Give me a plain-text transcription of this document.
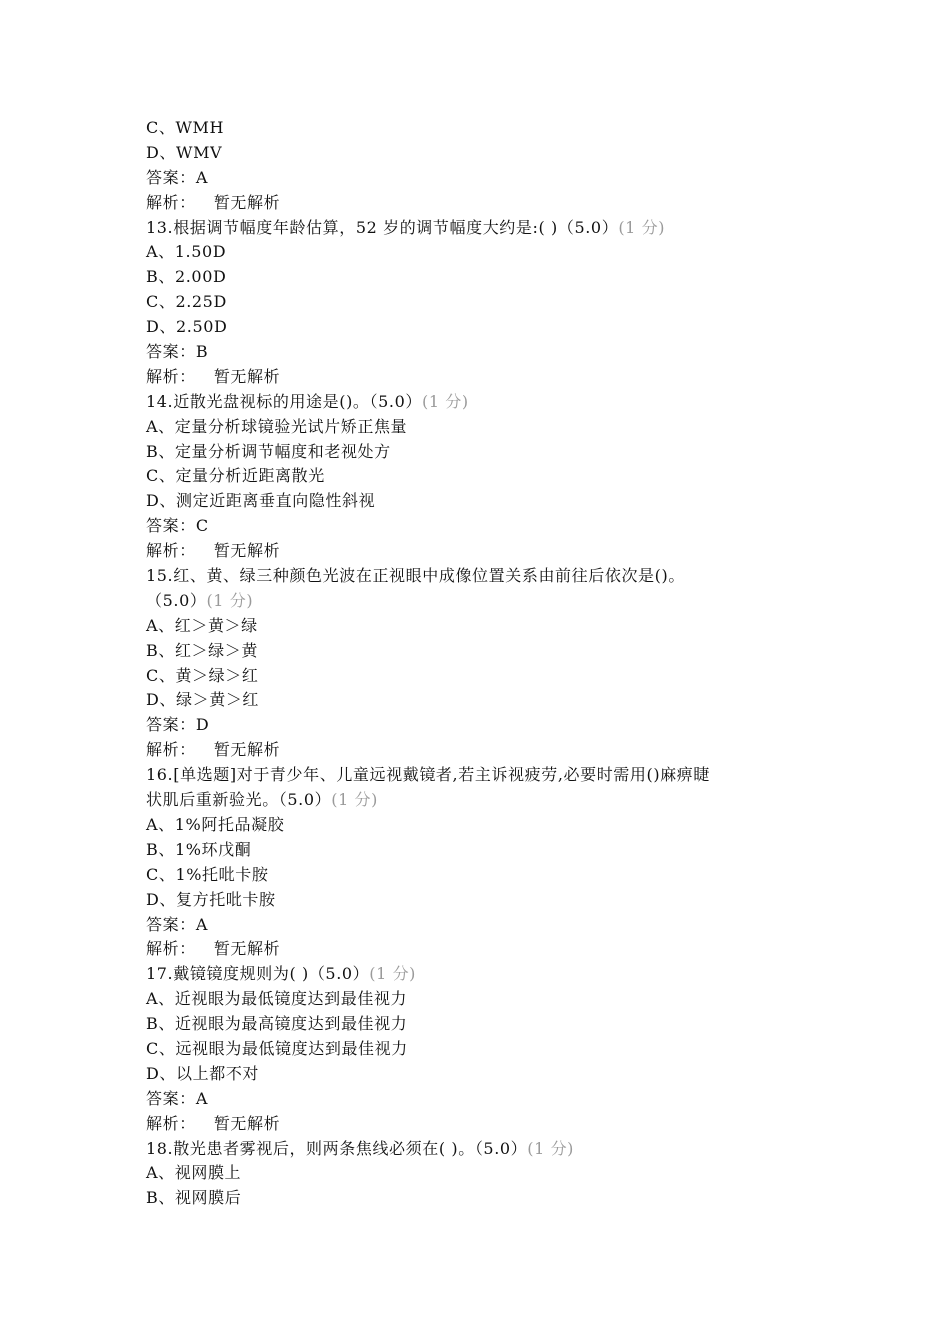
C、WMH
D、WMV
答案：A
解析： 暂无解析
13.根据调节幅度年龄估算，52 岁的调节幅度大约是:( )（5.0）(1 分)
A、1.50D
B、2.00D
C、2.25D
D、2.50D
答案：B
解析： 暂无解析
14.近散光盘视标的用途是()。（5.0）(1 分)
A、定量分析球镜验光试片矫正焦量
B、定量分析调节幅度和老视处方
C、定量分析近距离散光
D、测定近距离垂直向隐性斜视
答案：C
解析： 暂无解析
15.红、黄、绿三种颜色光波在正视眼中成像位置关系由前往后依次是()。
（5.0）(1 分)
A、红＞黄＞绿
B、红＞绿＞黄
C、黄＞绿＞红
D、绿＞黄＞红
答案：D
解析： 暂无解析
16.[单选题]对于青少年、儿童远视戴镜者,若主诉视疲劳,必要时需用()麻痹睫
状肌后重新验光。（5.0）(1 分)
A、1%阿托品凝胶
B、1%环戊酮
C、1%托吡卡胺
D、复方托吡卡胺
答案：A
解析： 暂无解析
17.戴镜镜度规则为( )（5.0）(1 分)
A、近视眼为最低镜度达到最佳视力
B、近视眼为最高镜度达到最佳视力
C、远视眼为最低镜度达到最佳视力
D、以上都不对
答案：A
解析： 暂无解析
18.散光患者雾视后，则两条焦线必须在( )。（5.0）(1 分)
A、视网膜上
B、视网膜后
